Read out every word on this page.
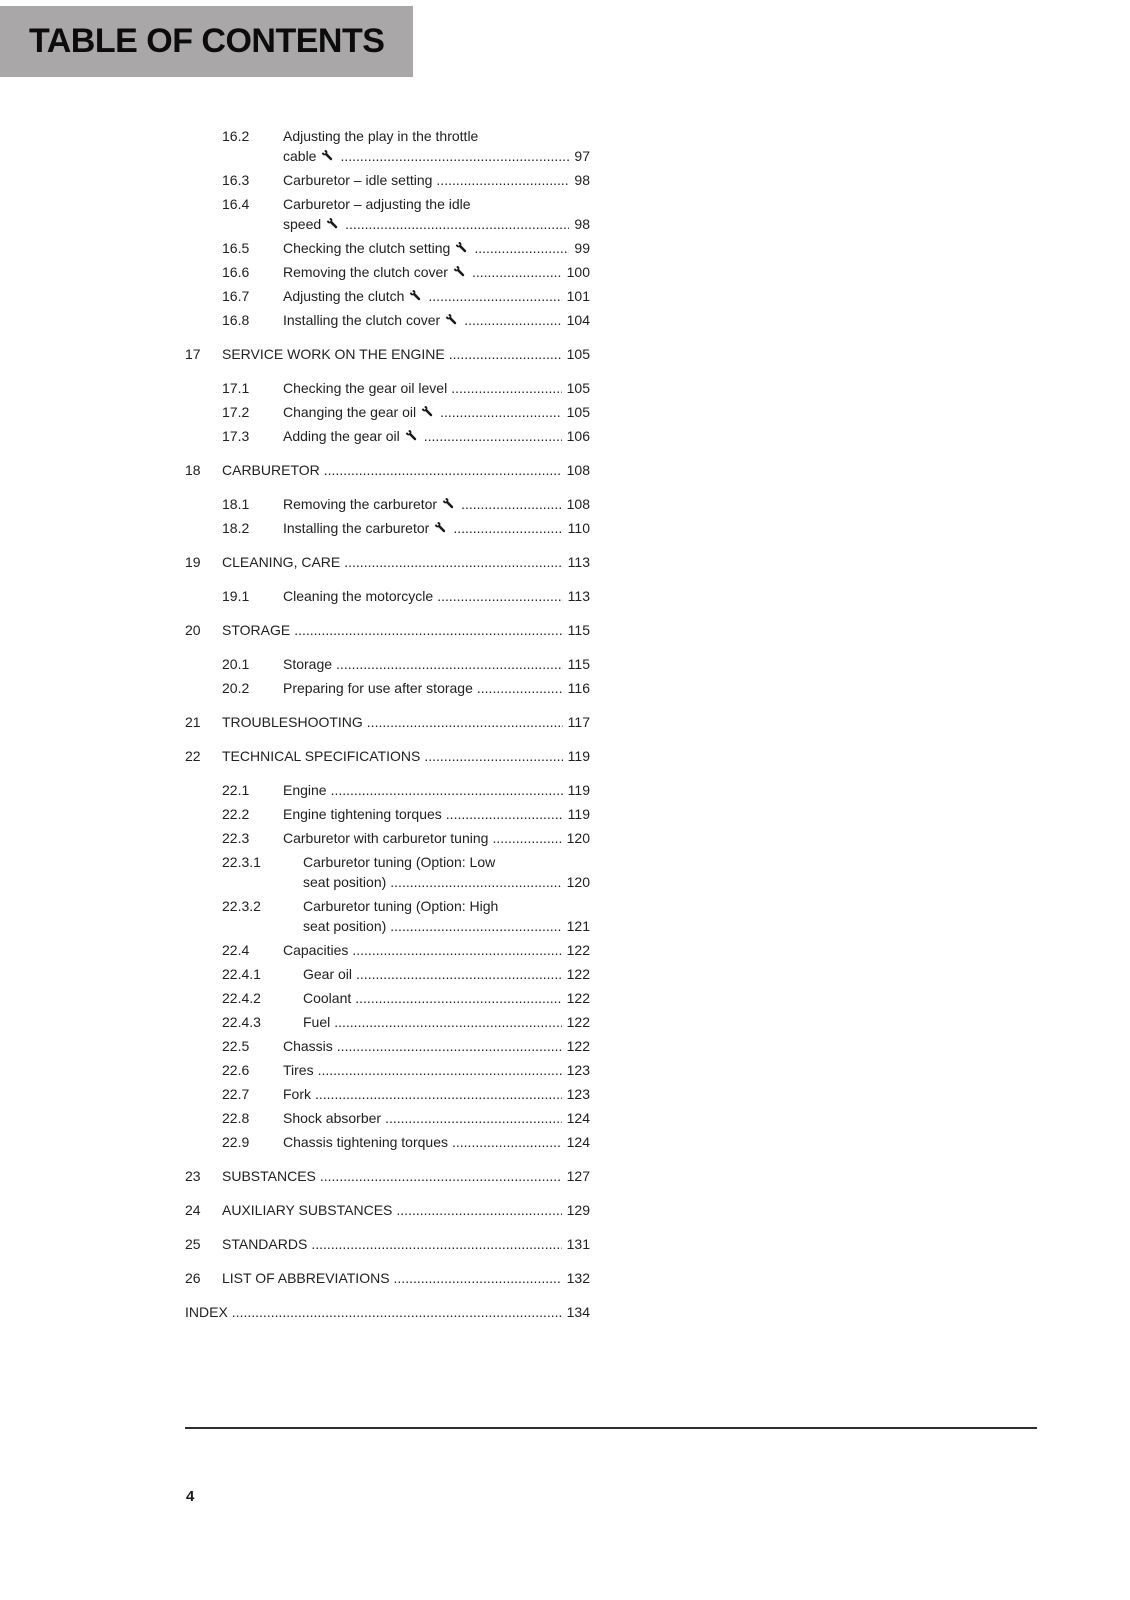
TABLE OF CONTENTS
16.2 Adjusting the play in the throttle
cable .....	97
16.3 Carburetor – idle setting .....	98
16.4 Carburetor – adjusting the idle
speed .....	98
16.5 Checking the clutch setting .....	99
16.6 Removing the clutch cover .....	100
16.7 Adjusting the clutch .....	101
16.8 Installing the clutch cover .....	104
17 SERVICE WORK ON THE ENGINE .....	105
17.1 Checking the gear oil level .....	105
17.2 Changing the gear oil .....	105
17.3 Adding the gear oil .....	106
18 CARBURETOR .....	108
18.1 Removing the carburetor .....	108
18.2 Installing the carburetor .....	110
19 CLEANING, CARE .....	113
19.1 Cleaning the motorcycle .....	113
20 STORAGE .....	115
20.1 Storage .....	115
20.2 Preparing for use after storage .....	116
21 TROUBLESHOOTING .....	117
22 TECHNICAL SPECIFICATIONS .....	119
22.1 Engine .....	119
22.2 Engine tightening torques .....	119
22.3 Carburetor with carburetor tuning .....	120
22.3.1	Carburetor tuning (Option: Low
seat position) .....	120
22.3.2	Carburetor tuning (Option: High
seat position) .....	121
22.4 Capacities .....	122
22.4.1	Gear oil .....	122
22.4.2	Coolant .....	122
22.4.3	Fuel .....	122
22.5 Chassis .....	122
22.6 Tires .....	123
22.7 Fork .....	123
22.8 Shock absorber .....	124
22.9 Chassis tightening torques .....	124
23 SUBSTANCES .....	127
24 AUXILIARY SUBSTANCES .....	129
25 STANDARDS .....	131
26 LIST OF ABBREVIATIONS .....	132
INDEX .....	134
4
